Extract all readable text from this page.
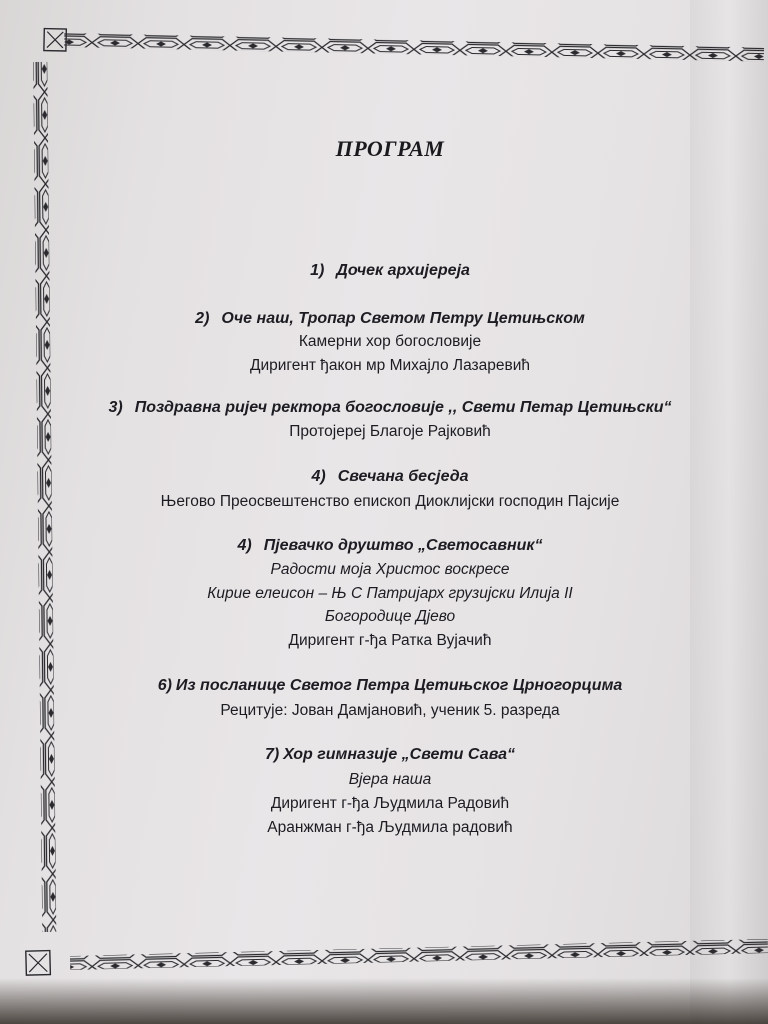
ПРОГРАМ
1) Дочек архијереја
2) Оче наш, Тропар Светом Петру Цетињском
Камерни хор богословије
Диригент ђакон мр Михајло Лазаревић
3) Поздравна ријеч ректора богословије ,, Свети Петар Цетињски“
Протојереј Благоје Рајковић
4) Свечана бесједа
Његово Преосвештенство епископ Диоклијски господин Пајсије
4) Пјевачко друштво „Светосавник“
Радости моја Христос воскресе
Кирие елеисон – Њ С Патријарх грузијски Илија II
Богородице Дјево
Диригент г-ђа Ратка Вујачић
6) Из посланице Светог Петра Цетињског Црногорцима
Рецитује: Јован Дамјановић, ученик 5. разреда
7) Хор гимназије „Свети Сава“
Вјера наша
Диригент г-ђа Људмила Радовић
Аранжман г-ђа Људмила радовић
